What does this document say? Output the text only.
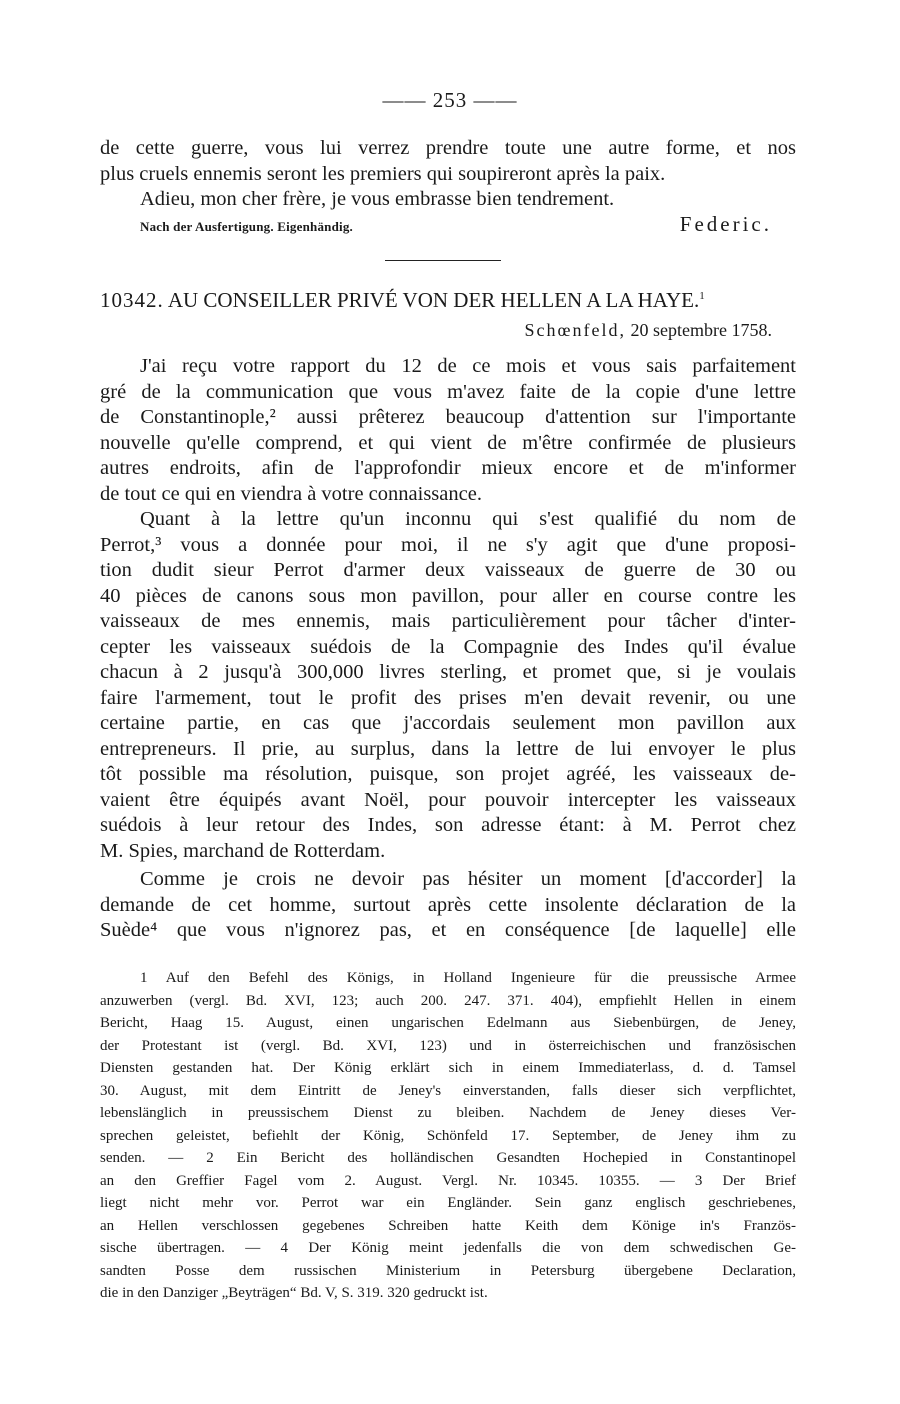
—— 253 ——
de cette guerre, vous lui verrez prendre toute une autre forme, et nos
plus cruels ennemis seront les premiers qui soupireront après la paix.
Adieu, mon cher frère, je vous embrasse bien tendrement.
Nach der Ausfertigung. Eigenhändig.	Federic.
10342. AU CONSEILLER PRIVÉ VON DER HELLEN A LA HAYE.$^1$
Schœnfeld, 20 septembre 1758.
J'ai reçu votre rapport du 12 de ce mois et vous sais parfaitement
gré de la communication que vous m'avez faite de la copie d'une lettre
de Constantinople,² aussi prêterez beaucoup d'attention sur l'importante
nouvelle qu'elle comprend, et qui vient de m'être confirmée de plusieurs
autres endroits, afin de l'approfondir mieux encore et de m'informer
de tout ce qui en viendra à votre connaissance.
Quant à la lettre qu'un inconnu qui s'est qualifié du nom de
Perrot,³ vous a donnée pour moi, il ne s'y agit que d'une proposi-
tion dudit sieur Perrot d'armer deux vaisseaux de guerre de 30 ou
40 pièces de canons sous mon pavillon, pour aller en course contre les
vaisseaux de mes ennemis, mais particulièrement pour tâcher d'inter-
cepter les vaisseaux suédois de la Compagnie des Indes qu'il évalue
chacun à 2 jusqu'à 300,000 livres sterling, et promet que, si je voulais
faire l'armement, tout le profit des prises m'en devait revenir, ou une
certaine partie, en cas que j'accordais seulement mon pavillon aux
entrepreneurs. Il prie, au surplus, dans la lettre de lui envoyer le plus
tôt possible ma résolution, puisque, son projet agréé, les vaisseaux de-
vaient être équipés avant Noël, pour pouvoir intercepter les vaisseaux
suédois à leur retour des Indes, son adresse étant: à M. Perrot chez
M. Spies, marchand de Rotterdam.
Comme je crois ne devoir pas hésiter un moment [d'accorder] la
demande de cet homme, surtout après cette insolente déclaration de la
Suède⁴ que vous n'ignorez pas, et en conséquence [de laquelle] elle
1 Auf den Befehl des Königs, in Holland Ingenieure für die preussische Armee
anzuwerben (vergl. Bd. XVI, 123; auch 200. 247. 371. 404), empfiehlt Hellen in einem
Bericht, Haag 15. August, einen ungarischen Edelmann aus Siebenbürgen, de Jeney,
der Protestant ist (vergl. Bd. XVI, 123) und in österreichischen und französischen
Diensten gestanden hat. Der König erklärt sich in einem Immediaterlass, d. d. Tamsel
30. August, mit dem Eintritt de Jeney's einverstanden, falls dieser sich verpflichtet,
lebenslänglich in preussischem Dienst zu bleiben. Nachdem de Jeney dieses Ver-
sprechen geleistet, befiehlt der König, Schönfeld 17. September, de Jeney ihm zu
senden. — 2 Ein Bericht des holländischen Gesandten Hochepied in Constantinopel
an den Greffier Fagel vom 2. August. Vergl. Nr. 10345. 10355. — 3 Der Brief
liegt nicht mehr vor. Perrot war ein Engländer. Sein ganz englisch geschriebenes,
an Hellen verschlossen gegebenes Schreiben hatte Keith dem Könige in's Französ-
sische übertragen. — 4 Der König meint jedenfalls die von dem schwedischen Ge-
sandten Posse dem russischen Ministerium in Petersburg übergebene Declaration,
die in den Danziger „Beyträgen“ Bd. V, S. 319. 320 gedruckt ist.
